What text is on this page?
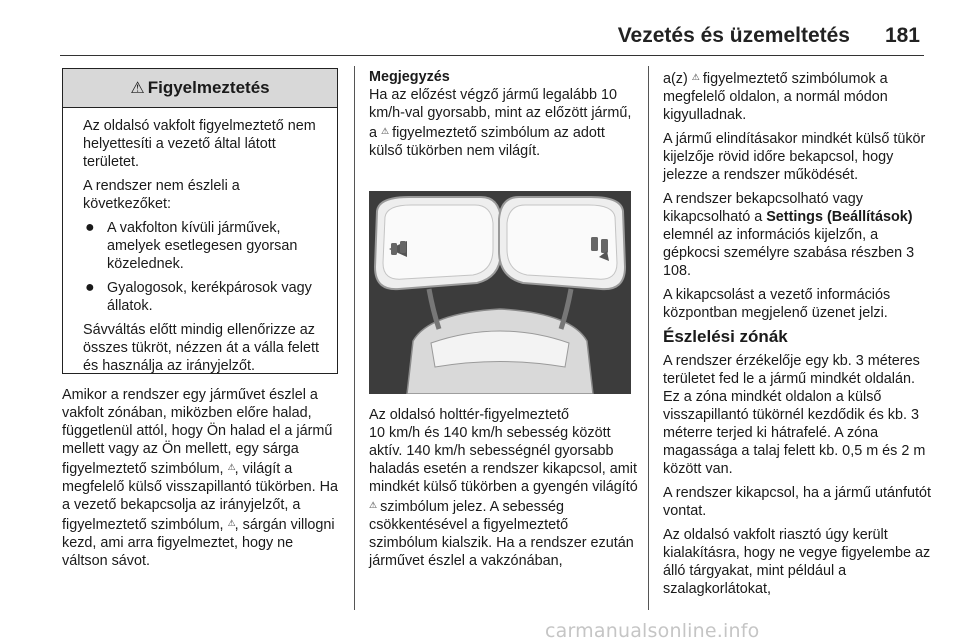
Vezetés és üzemeltetés 181
⚠ Figyelmeztetés

Az oldalsó vakfolt figyelmeztető nem helyettesíti a vezető által látott területet.

A rendszer nem észleli a következőket:

● A vakfolton kívüli járművek, amelyek esetlegesen gyorsan közelednek.
● Gyalogosok, kerékpárosok vagy állatok.

Sávváltás előtt mindig ellenőrizze az összes tükröt, nézzen át a válla felett és használja az irányjelzőt.

Amikor a rendszer egy járművet észlel a vakfolt zónában, miközben előre halad, függetlenül attól, hogy Ön halad el a jármű mellett vagy az Ön mellett, egy sárga figyelmeztető szimbólum, ⚠, világít a megfelelő külső visszapillantó tükörben. Ha a vezető bekapcsolja az irányjelzőt, a figyelmeztető szimbólum, ⚠, sárgán villogni kezd, ami arra figyelmeztet, hogy ne váltson sávot.

Megjegyzés

Ha az előzést végző jármű legalább 10 km/h-val gyorsabb, mint az előzött jármű, a ⚠ figyelmeztető szimbólum az adott külső tükörben nem világít.

Az oldalsó holttér-figyelmeztető

10 km/h és 140 km/h sebesség között aktív. 140 km/h sebességnél gyorsabb haladás esetén a rendszer kikapcsol, amit mindkét külső tükörben a gyengén világító ⚠ szimbólum jelez. A sebesség csökkentésével a figyelmeztető szimbólum kialszik. Ha a rendszer ezután járművet észlel a vakzónában,

a(z) ⚠ figyelmeztető szimbólumok a megfelelő oldalon, a normál módon kigyulladnak.

A jármű elindításakor mindkét külső tükör kijelzője rövid időre bekapcsol, hogy jelezze a rendszer működését.

A rendszer bekapcsolható vagy kikapcsolható a Settings (Beállítások) elemnél az információs kijelzőn, a gépkocsi személyre szabása részben 3 108.

A kikapcsolást a vezető információs központban megjelenő üzenet jelzi.

Észlelési zónák

A rendszer érzékelője egy kb. 3 méteres területet fed le a jármű mindkét oldalán. Ez a zóna mindkét oldalon a külső visszapillantó tükörnél kezdődik és kb. 3 méterre terjed ki hátrafelé. A zóna magassága a talaj felett kb. 0,5 m és 2 m között van.

A rendszer kikapcsol, ha a jármű utánfutót vontat.

Az oldalsó vakfolt riasztó úgy került kialakításra, hogy ne vegye figyelembe az álló tárgyakat, mint például a szalagkorlátokat,

carmanualsonline.info
